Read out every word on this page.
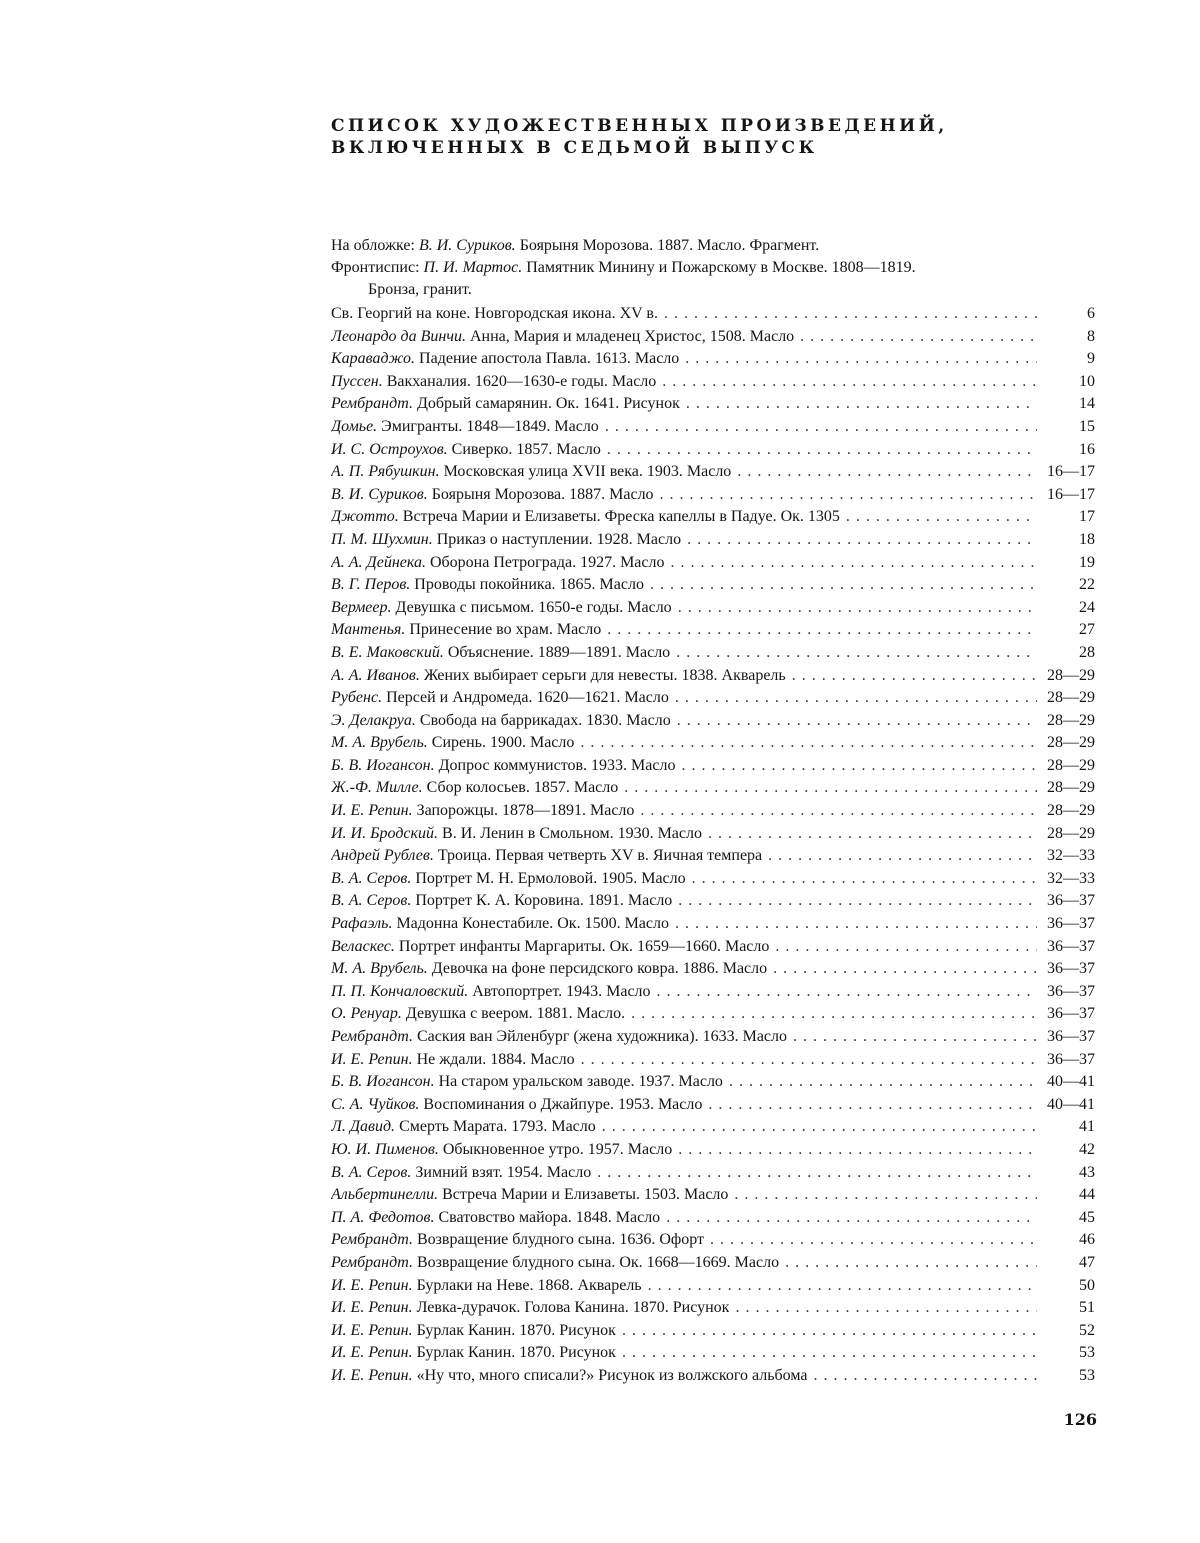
СПИСОК ХУДОЖЕСТВЕННЫХ ПРОИЗВЕДЕНИЙ,
ВКЛЮЧЕННЫХ В СЕДЬМОЙ ВЫПУСК
На обложке: В. И. Суриков. Боярыня Морозова. 1887. Масло. Фрагмент.
Фронтиспис: П. И. Мартос. Памятник Минину и Пожарскому в Москве. 1808—1819.
Бронза, гранит.
Св. Георгий на коне. Новгородская икона. XV в. . . .	6
Леонардо да Винчи. Анна, Мария и младенец Христос, 1508. Масло . . .	8
Караваджо. Падение апостола Павла. 1613. Масло . . .	9
Пуссен. Вакханалия. 1620—1630-е годы. Масло . . .	10
Рембрандт. Добрый самарянин. Ок. 1641. Рисунок . . .	14
Домье. Эмигранты. 1848—1849. Масло . . .	15
И. С. Остроухов. Сиверко. 1857. Масло . . .	16
А. П. Рябушкин. Московская улица XVII века. 1903. Масло . . .	16—17
В. И. Суриков. Боярыня Морозова. 1887. Масло . . .	16—17
Джотто. Встреча Марии и Елизаветы. Фреска капеллы в Падуе. Ок. 1305 . . .	17
П. М. Шухмин. Приказ о наступлении. 1928. Масло . . .	18
А. А. Дейнека. Оборона Петрограда. 1927. Масло . . .	19
В. Г. Перов. Проводы покойника. 1865. Масло . . .	22
Вермеер. Девушка с письмом. 1650-е годы. Масло . . .	24
Мантенья. Принесение во храм. Масло . . .	27
В. Е. Маковский. Объяснение. 1889—1891. Масло . . .	28
А. А. Иванов. Жених выбирает серьги для невесты. 1838. Акварель . . .	28—29
Рубенс. Персей и Андромеда. 1620—1621. Масло . . .	28—29
Э. Делакруа. Свобода на баррикадах. 1830. Масло . . .	28—29
М. А. Врубель. Сирень. 1900. Масло . . .	28—29
Б. В. Иогансон. Допрос коммунистов. 1933. Масло . . .	28—29
Ж.-Ф. Милле. Сбор колосьев. 1857. Масло . . .	28—29
И. Е. Репин. Запорожцы. 1878—1891. Масло . . .	28—29
И. И. Бродский. В. И. Ленин в Смольном. 1930. Масло . . .	28—29
Андрей Рублев. Троица. Первая четверть XV в. Яичная темпера . . .	32—33
В. А. Серов. Портрет М. Н. Ермоловой. 1905. Масло . . .	32—33
В. А. Серов. Портрет К. А. Коровина. 1891. Масло . . .	36—37
Рафаэль. Мадонна Конестабиле. Ок. 1500. Масло . . .	36—37
Веласкес. Портрет инфанты Маргариты. Ок. 1659—1660. Масло . . .	36—37
М. А. Врубель. Девочка на фоне персидского ковра. 1886. Масло . . .	36—37
П. П. Кончаловский. Автопортрет. 1943. Масло . . .	36—37
О. Ренуар. Девушка с веером. 1881. Масло. . . .	36—37
Рембрандт. Саския ван Эйленбург (жена художника). 1633. Масло . . .	36—37
И. Е. Репин. Не ждали. 1884. Масло . . .	36—37
Б. В. Иогансон. На старом уральском заводе. 1937. Масло . . .	40—41
С. А. Чуйков. Воспоминания о Джайпуре. 1953. Масло . . .	40—41
Л. Давид. Смерть Марата. 1793. Масло . . .	41
Ю. И. Пименов. Обыкновенное утро. 1957. Масло . . .	42
В. А. Серов. Зимний взят. 1954. Масло . . .	43
Альбертинелли. Встреча Марии и Елизаветы. 1503. Масло . . .	44
П. А. Федотов. Сватовство майора. 1848. Масло . . .	45
Рембрандт. Возвращение блудного сына. 1636. Офорт . . .	46
Рембрандт. Возвращение блудного сына. Ок. 1668—1669. Масло . . .	47
И. Е. Репин. Бурлаки на Неве. 1868. Акварель . . .	50
И. Е. Репин. Левка-дурачок. Голова Канина. 1870. Рисунок . . .	51
И. Е. Репин. Бурлак Канин. 1870. Рисунок . . .	52
И. Е. Репин. Бурлак Канин. 1870. Рисунок . . .	53
И. Е. Репин. «Ну что, много списали?» Рисунок из волжского альбома . . .	53
126
